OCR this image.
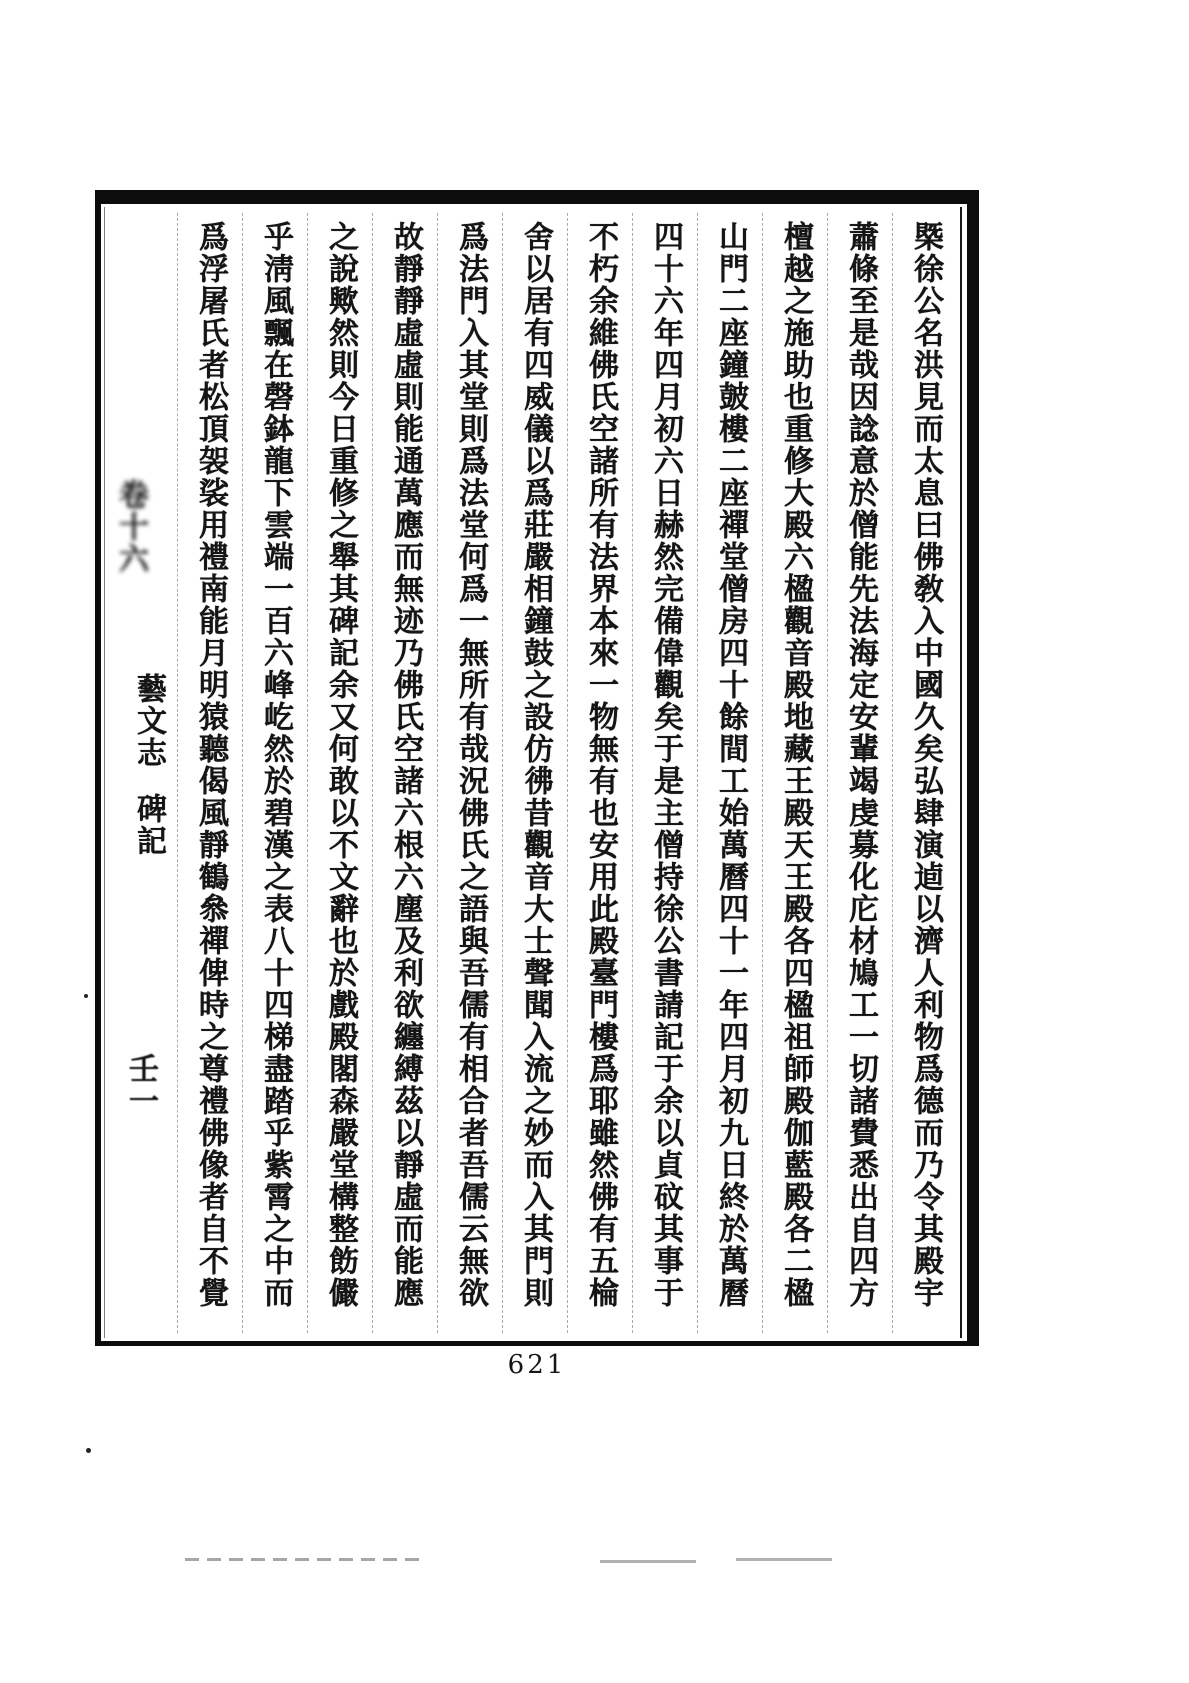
槩徐公名洪見而太息曰佛敎入中國久矣弘肆演逌以濟人利物爲德而乃令其殿宇
蕭條至是哉因諗意於僧能先法海定安輩竭虔募化庀材鳩工一切諸費悉出自四方
檀越之施助也重修大殿六楹觀音殿地藏王殿天王殿各四楹祖師殿伽藍殿各二楹
山門二座鐘皷樓二座禪堂僧房四十餘間工始萬曆四十一年四月初九日終於萬曆
四十六年四月初六日赫然完備偉觀矣于是主僧持徐公書請記于余以貞砇其事于
不朽余維佛氏空諸所有法界本來一物無有也安用此殿臺門樓爲耶雖然佛有五棆
舍以居有四威儀以爲莊嚴相鐘鼓之設仿彿昔觀音大士聲聞入流之妙而入其門則
爲法門入其堂則爲法堂何爲一無所有哉況佛氏之語與吾儒有相合者吾儒云無欲
故靜靜虛虛則能通萬應而無迹乃佛氏空諸六根六塵及利欲纏縛茲以靜虛而能應
之說歟然則今日重修之舉其碑記余又何敢以不文辭也於戲殿閣森嚴堂構整飭儼
乎淸風飄在磬鉢龍下雲端一百六峰屹然於碧漢之表八十四梯盡踏乎紫霄之中而
爲浮屠氏者松頂袈裟用禮南能月明猿聽偈風靜鶴叅禪俾時之尊禮佛像者自不覺
卷十六
藝文志
碑記
壬一
621
